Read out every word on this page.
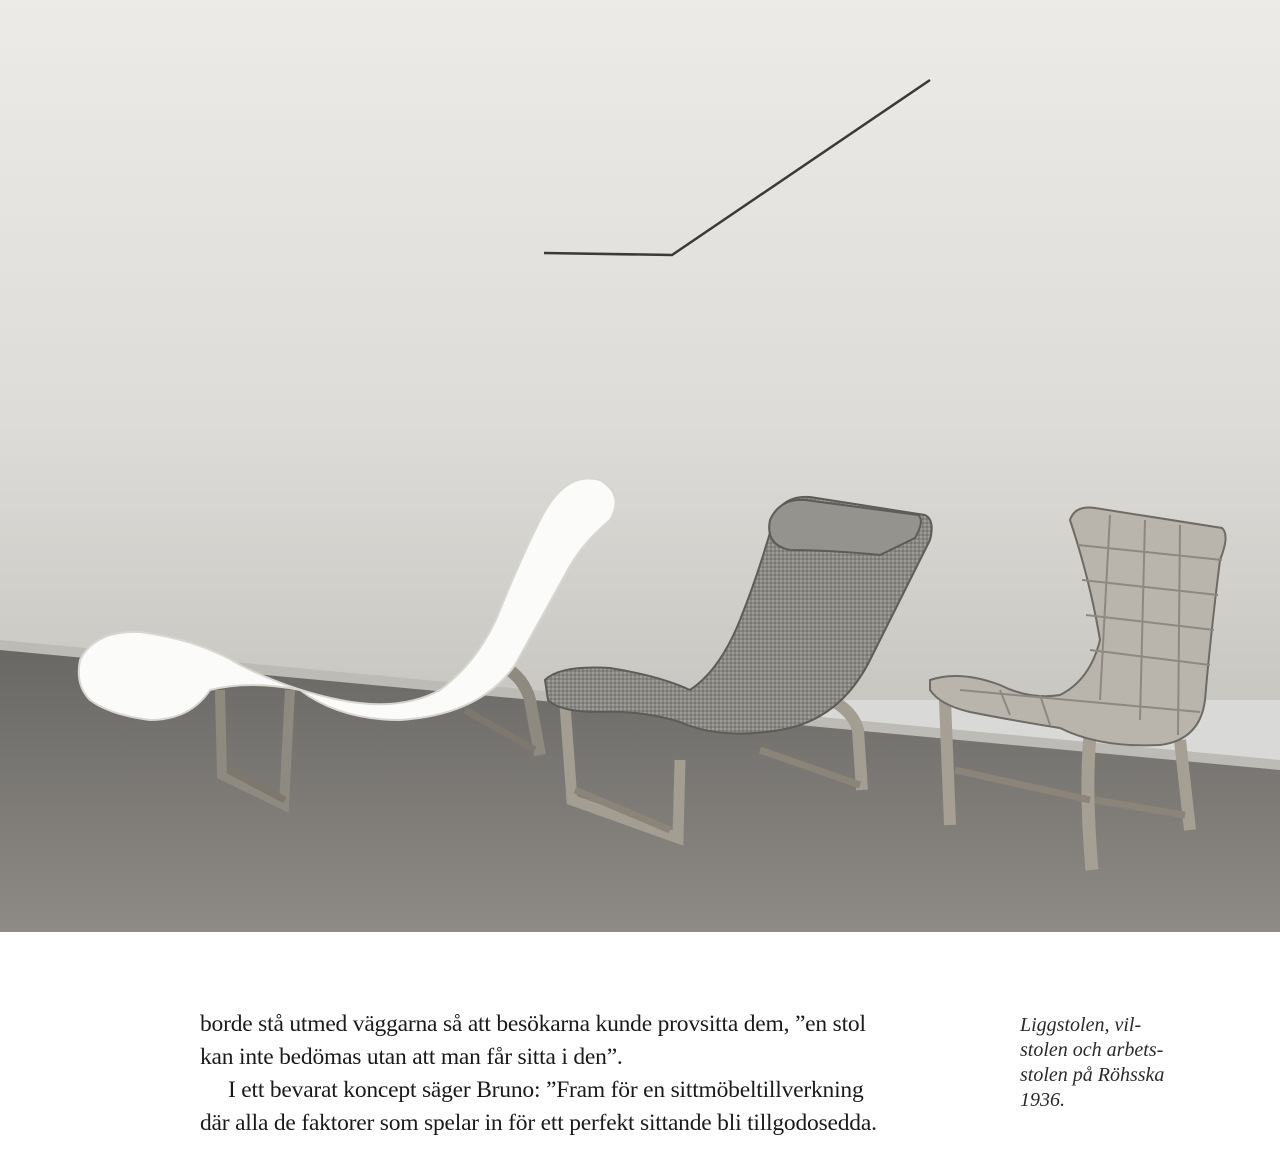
borde stå utmed väggarna så att besökarna kunde provsitta dem, ”en stol
kan inte bedömas utan att man får sitta i den”.

I ett bevarat koncept säger Bruno: ”Fram för en sittmöbeltillverkning
där alla de faktorer som spelar in för ett perfekt sittande bli tillgodosedda.

Liggstolen, vil-
stolen och arbets-
stolen på Röhsska
1936.
